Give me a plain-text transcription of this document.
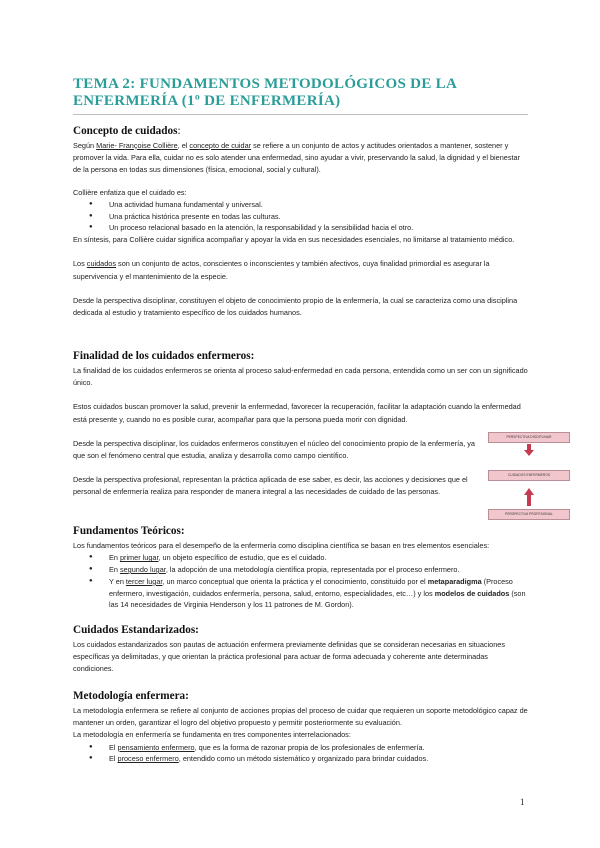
TEMA 2: FUNDAMENTOS METODOLÓGICOS DE LA ENFERMERÍA (1º DE ENFERMERÍA)
Concepto de cuidados:

Según Marie- Françoise Collière, el concepto de cuidar se refiere a un conjunto de actos y actitudes orientados a mantener, sostener y promover la vida. Para ella, cuidar no es solo atender una enfermedad, sino ayudar a vivir, preservando la salud, la dignidad y el bienestar de la persona en todas sus dimensiones (física, emocional, social y cultural).

Collière enfatiza que el cuidado es:

● Una actividad humana fundamental y universal.
● Una práctica histórica presente en todas las culturas.
● Un proceso relacional basado en la atención, la responsabilidad y la sensibilidad hacia el otro.

En síntesis, para Collière cuidar significa acompañar y apoyar la vida en sus necesidades esenciales, no limitarse al tratamiento médico.

Los cuidados son un conjunto de actos, conscientes o inconscientes y también afectivos, cuya finalidad primordial es asegurar la supervivencia y el mantenimiento de la especie.

Desde la perspectiva disciplinar, constituyen el objeto de conocimiento propio de la enfermería, la cual se caracteriza como una disciplina dedicada al estudio y tratamiento específico de los cuidados humanos.

Finalidad de los cuidados enfermeros:

La finalidad de los cuidados enfermeros se orienta al proceso salud-enfermedad en cada persona, entendida como un ser con un significado único.

Estos cuidados buscan promover la salud, prevenir la enfermedad, favorecer la recuperación, facilitar la adaptación cuando la enfermedad está presente y, cuando no es posible curar, acompañar para que la persona pueda morir con dignidad.

Desde la perspectiva disciplinar, los cuidados enfermeros constituyen el núcleo del conocimiento propio de la enfermería, ya que son el fenómeno central que estudia, analiza y desarrolla como campo científico.

Desde la perspectiva profesional, representan la práctica aplicada de ese saber, es decir, las acciones y decisiones que el personal de enfermería realiza para responder de manera integral a las necesidades de cuidado de las personas.

Fundamentos Teóricos:

Los fundamentos teóricos para el desempeño de la enfermería como disciplina científica se basan en tres elementos esenciales:

● En primer lugar, un objeto específico de estudio, que es el cuidado.
● En segundo lugar, la adopción de una metodología científica propia, representada por el proceso enfermero.
● Y en tercer lugar, un marco conceptual que orienta la práctica y el conocimiento, constituido por el metaparadigma (Proceso enfermero, investigación, cuidados enfermería, persona, salud, entorno, especialidades, etc…) y los modelos de cuidados (son las 14 necesidades de Virginia Henderson y los 11 patrones de M. Gordon).
Cuidados Estandarizados:

Los cuidados estandarizados son pautas de actuación enfermera previamente definidas que se consideran necesarias en situaciones específicas ya delimitadas, y que orientan la práctica profesional para actuar de forma adecuada y coherente ante determinadas condiciones.

Metodología enfermera:

La metodología enfermera se refiere al conjunto de acciones propias del proceso de cuidar que requieren un soporte metodológico capaz de mantener un orden, garantizar el logro del objetivo propuesto y permitir posteriormente su evaluación.

La metodología en enfermería se fundamenta en tres componentes interrelacionados:

● El pensamiento enfermero, que es la forma de razonar propia de los profesionales de enfermería.
● El proceso enfermero, entendido como un método sistemático y organizado para brindar cuidados.
PERSPECTIVA DISCIPLINAR
CUIDADOS ENFERMEROS
PERSPECTIVA PROFESIONAL
1
